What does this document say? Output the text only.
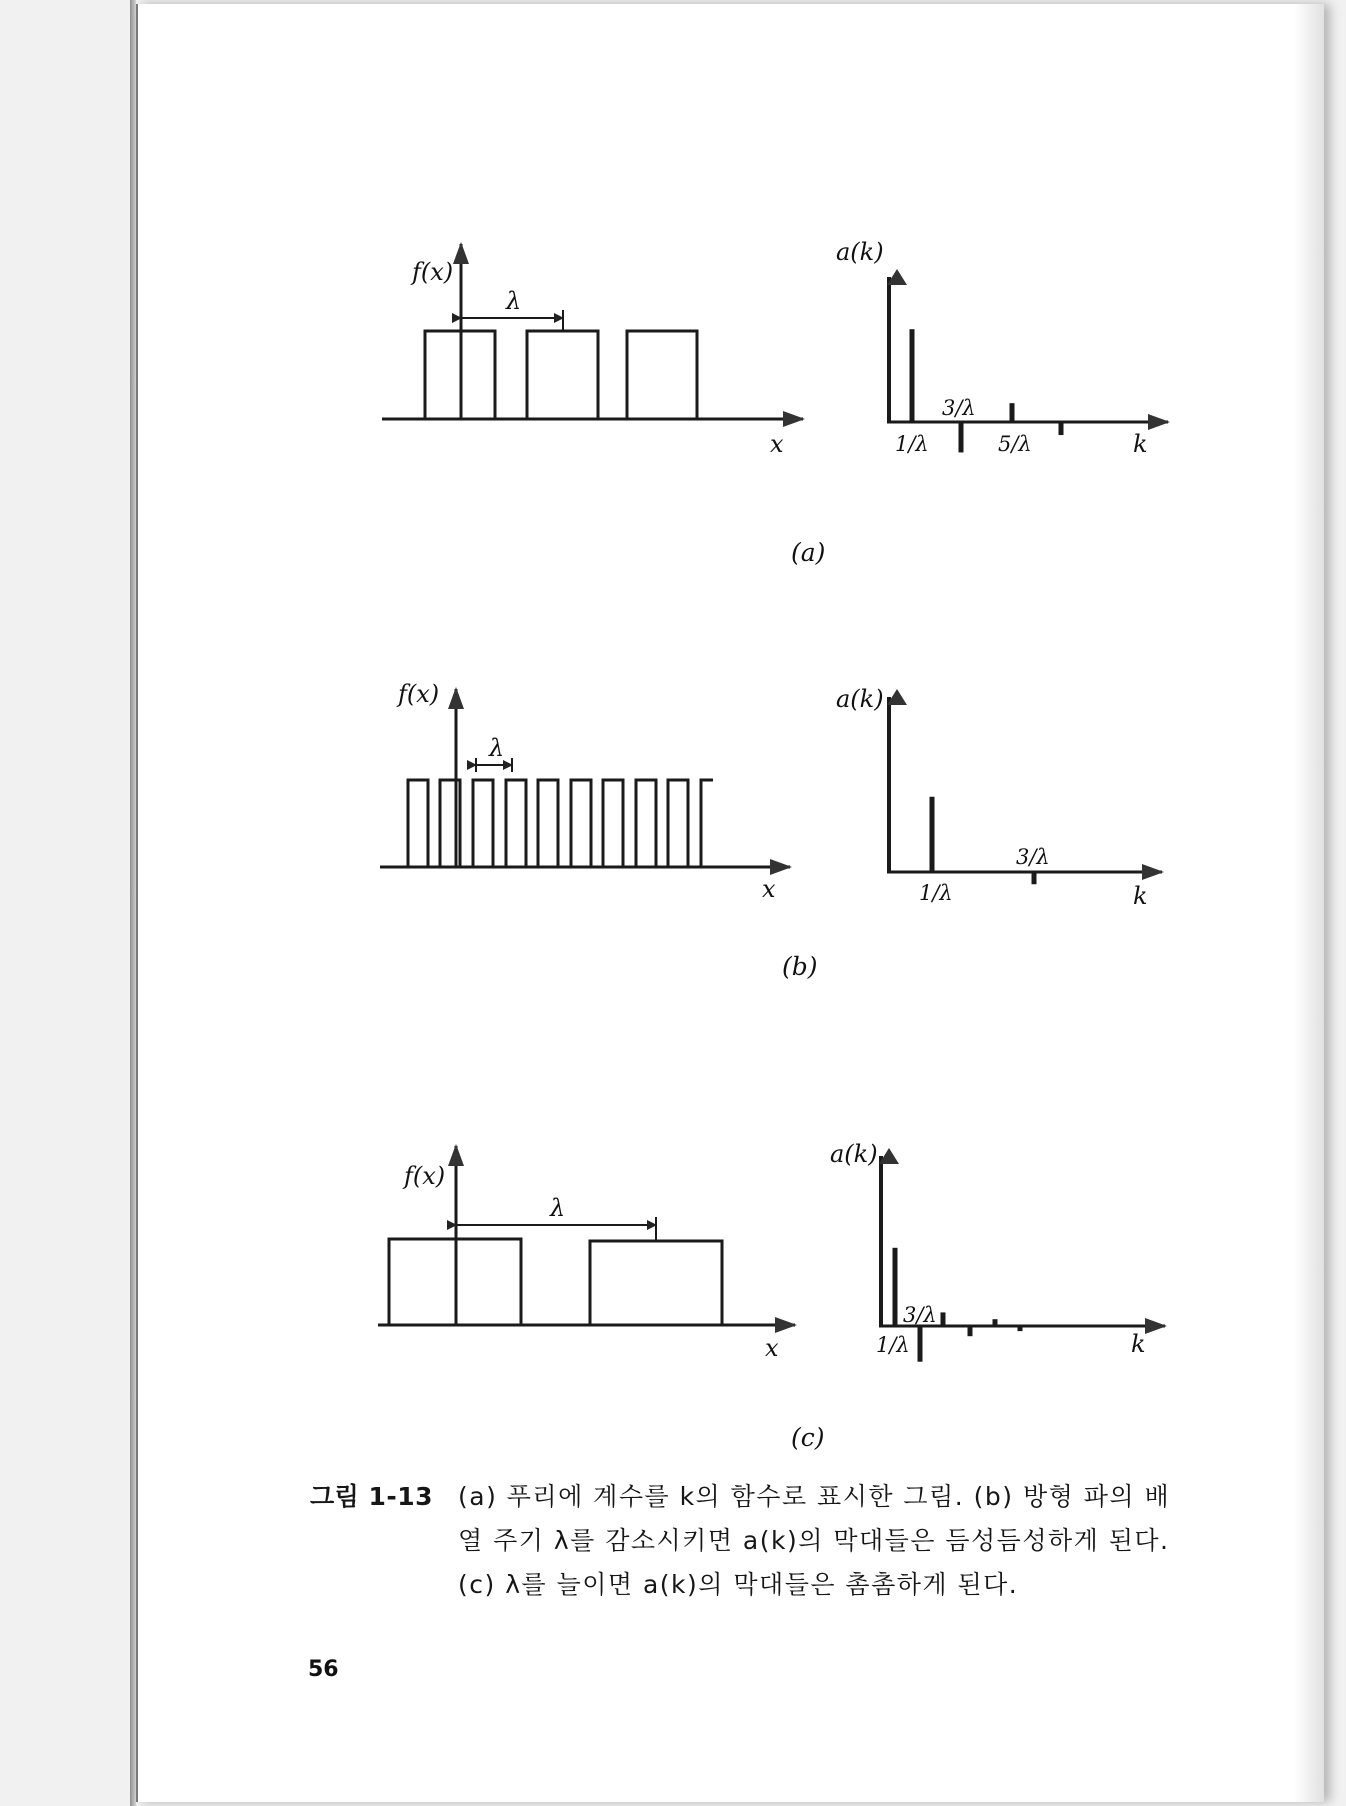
f(x)
λ
x
a(k)
1/λ	5/λ
3/λ
k
(a)
f(x)
λ
x
a(k)
1/λ
3/λ
k
(b)
f(x)
λ
x
a(k)
1/λ
3/λ
k
(c)
그림 1-13 (a) 푸리에 계수를 k의 함수로 표시한 그림. (b) 방형 파의 배
열 주기 λ를 감소시키면 a(k)의 막대들은 듬성듬성하게 된다.
(c) λ를 늘이면 a(k)의 막대들은 촘촘하게 된다.
56
